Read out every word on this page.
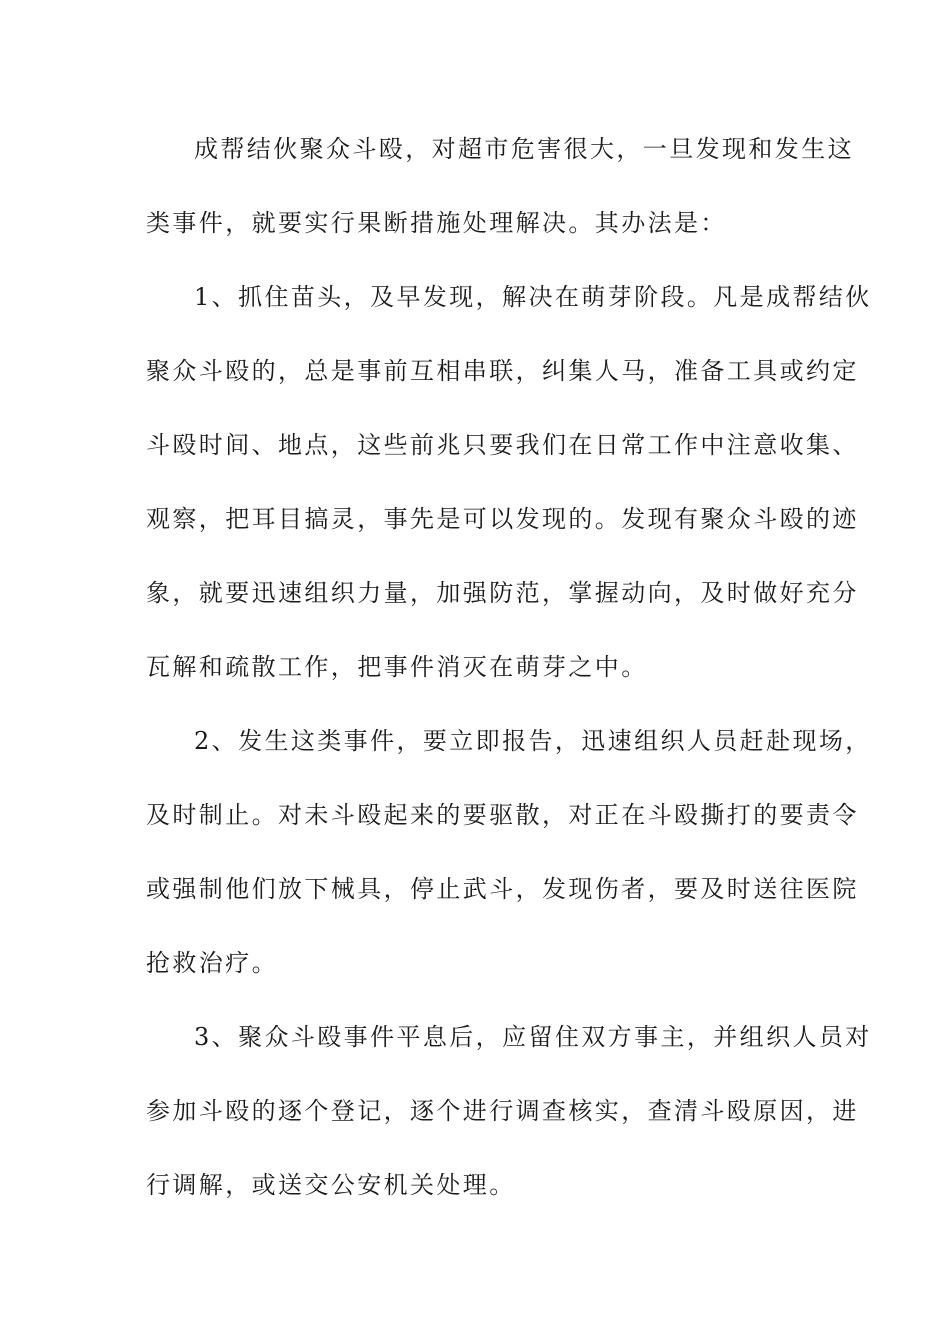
成帮结伙聚众斗殴，对超市危害很大，一旦发现和发生这

类事件，就要实行果断措施处理解决。其办法是：

1、抓住苗头，及早发现，解决在萌芽阶段。凡是成帮结伙

聚众斗殴的，总是事前互相串联，纠集人马，准备工具或约定

斗殴时间、地点，这些前兆只要我们在日常工作中注意收集、

观察，把耳目搞灵，事先是可以发现的。发现有聚众斗殴的迹

象，就要迅速组织力量，加强防范，掌握动向，及时做好充分

瓦解和疏散工作，把事件消灭在萌芽之中。

2、发生这类事件，要立即报告，迅速组织人员赶赴现场，

及时制止。对未斗殴起来的要驱散，对正在斗殴撕打的要责令

或强制他们放下械具，停止武斗，发现伤者，要及时送往医院

抢救治疗。

3、聚众斗殴事件平息后，应留住双方事主，并组织人员对

参加斗殴的逐个登记，逐个进行调查核实，查清斗殴原因，进

行调解，或送交公安机关处理。
